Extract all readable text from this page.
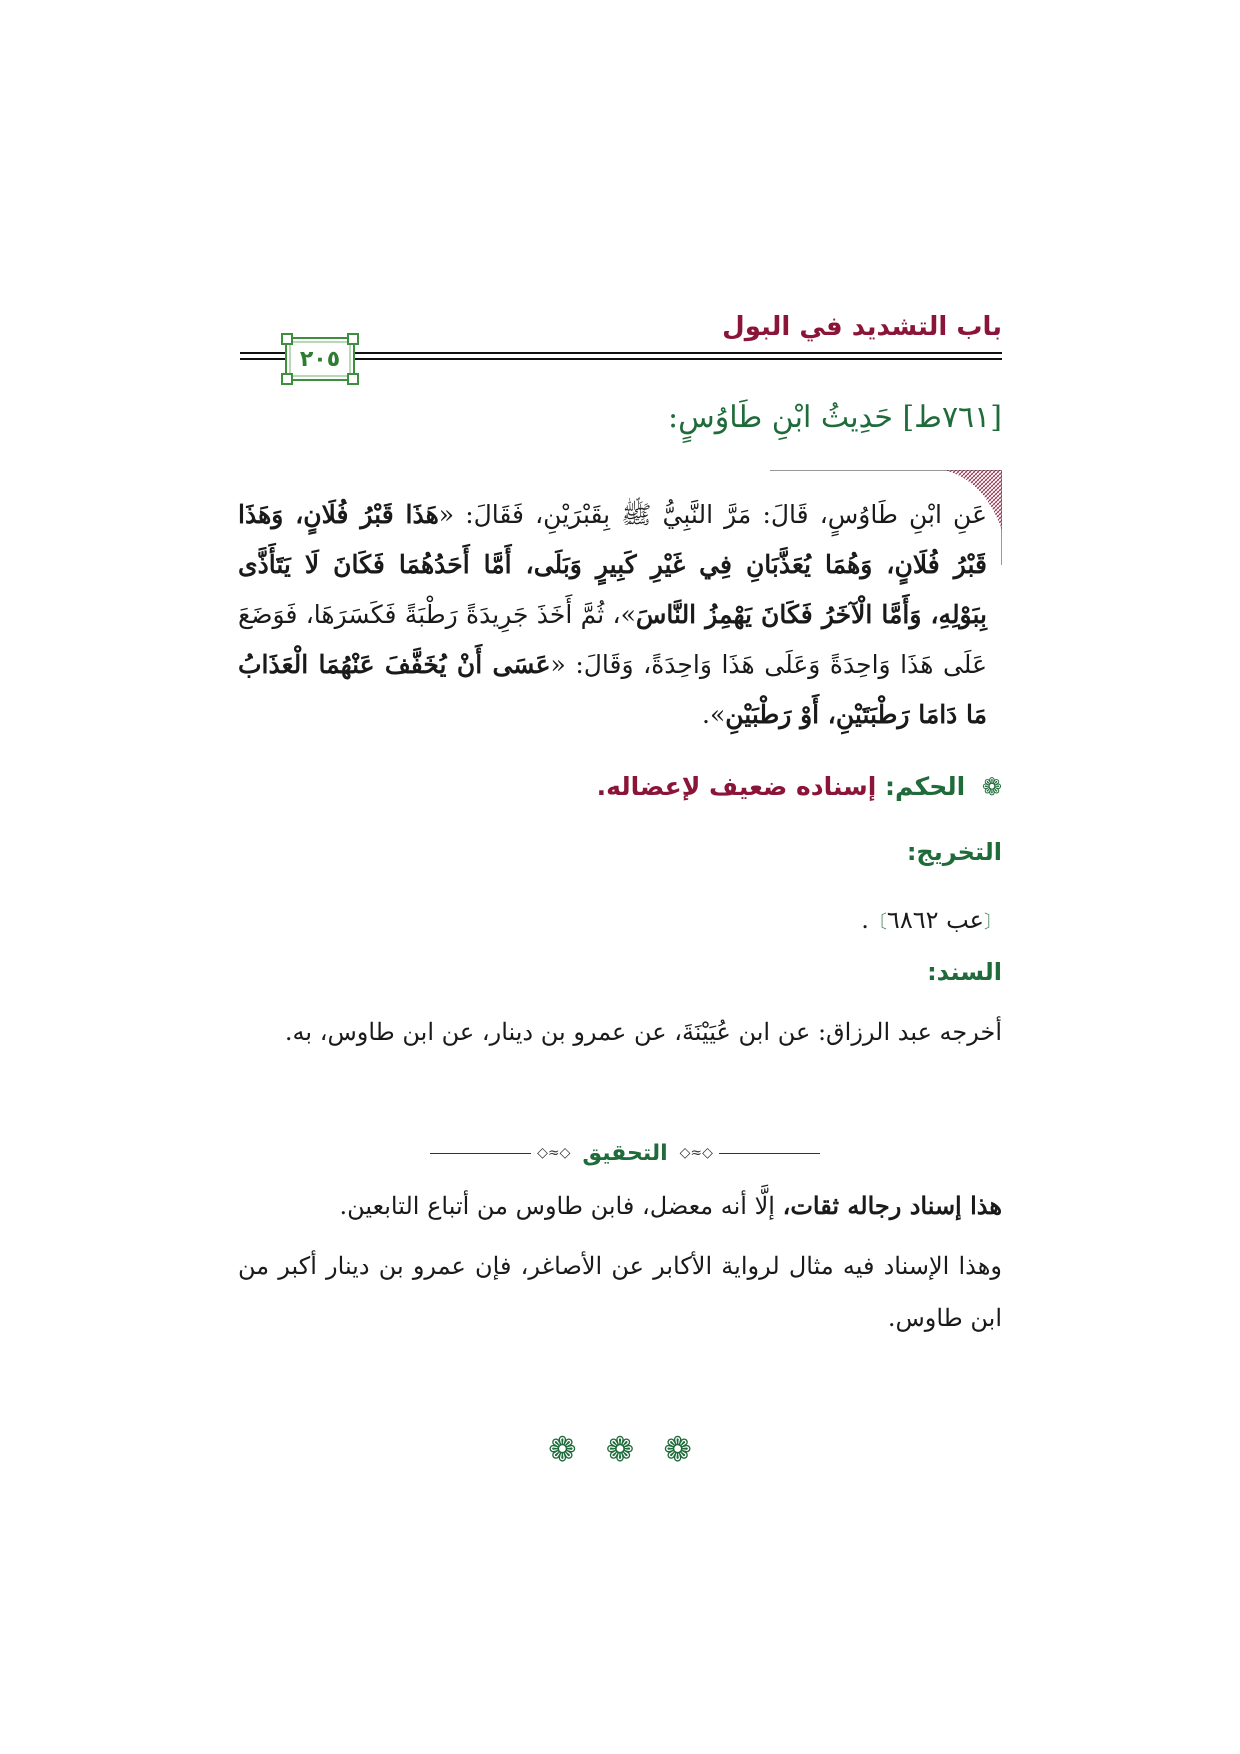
باب التشديد في البول
٢٠٥
[٧٦١ط] حَدِيثُ ابْنِ طَاوُسٍ:
عَنِ ابْنِ طَاوُسٍ، قَالَ: مَرَّ النَّبِيُّ ﷺ بِقَبْرَيْنِ، فَقَالَ: «هَذَا قَبْرُ فُلَانٍ، وَهَذَا قَبْرُ فُلَانٍ، وَهُمَا يُعَذَّبَانِ فِي غَيْرِ كَبِيرٍ وَبَلَى، أَمَّا أَحَدُهُمَا فَكَانَ لَا يَتَأَذَّى بِبَوْلِهِ، وَأَمَّا الْآخَرُ فَكَانَ يَهْمِزُ النَّاسَ»، ثُمَّ أَخَذَ جَرِيدَةً رَطْبَةً فَكَسَرَهَا، فَوَضَعَ عَلَى هَذَا وَاحِدَةً وَعَلَى هَذَا وَاحِدَةً، وَقَالَ: «عَسَى أَنْ يُخَفَّفَ عَنْهُمَا الْعَذَابُ مَا دَامَا رَطْبَتَيْنِ، أَوْ رَطْبَيْنِ».
❁ الحكم: إسناده ضعيف لإعضاله.
التخريج:
〔عب ٦٨٦٢〕.
السند:
أخرجه عبد الرزاق: عن ابن عُيَيْنَةَ، عن عمرو بن دينار، عن ابن طاوس، به.
◇≈◇ التحقيق ◇≈◇
هذا إسناد رجاله ثقات، إلَّا أنه معضل، فابن طاوس من أتباع التابعين.
وهذا الإسناد فيه مثال لرواية الأكابر عن الأصاغر، فإن عمرو بن دينار أكبر من ابن طاوس.
❁ ❁ ❁
